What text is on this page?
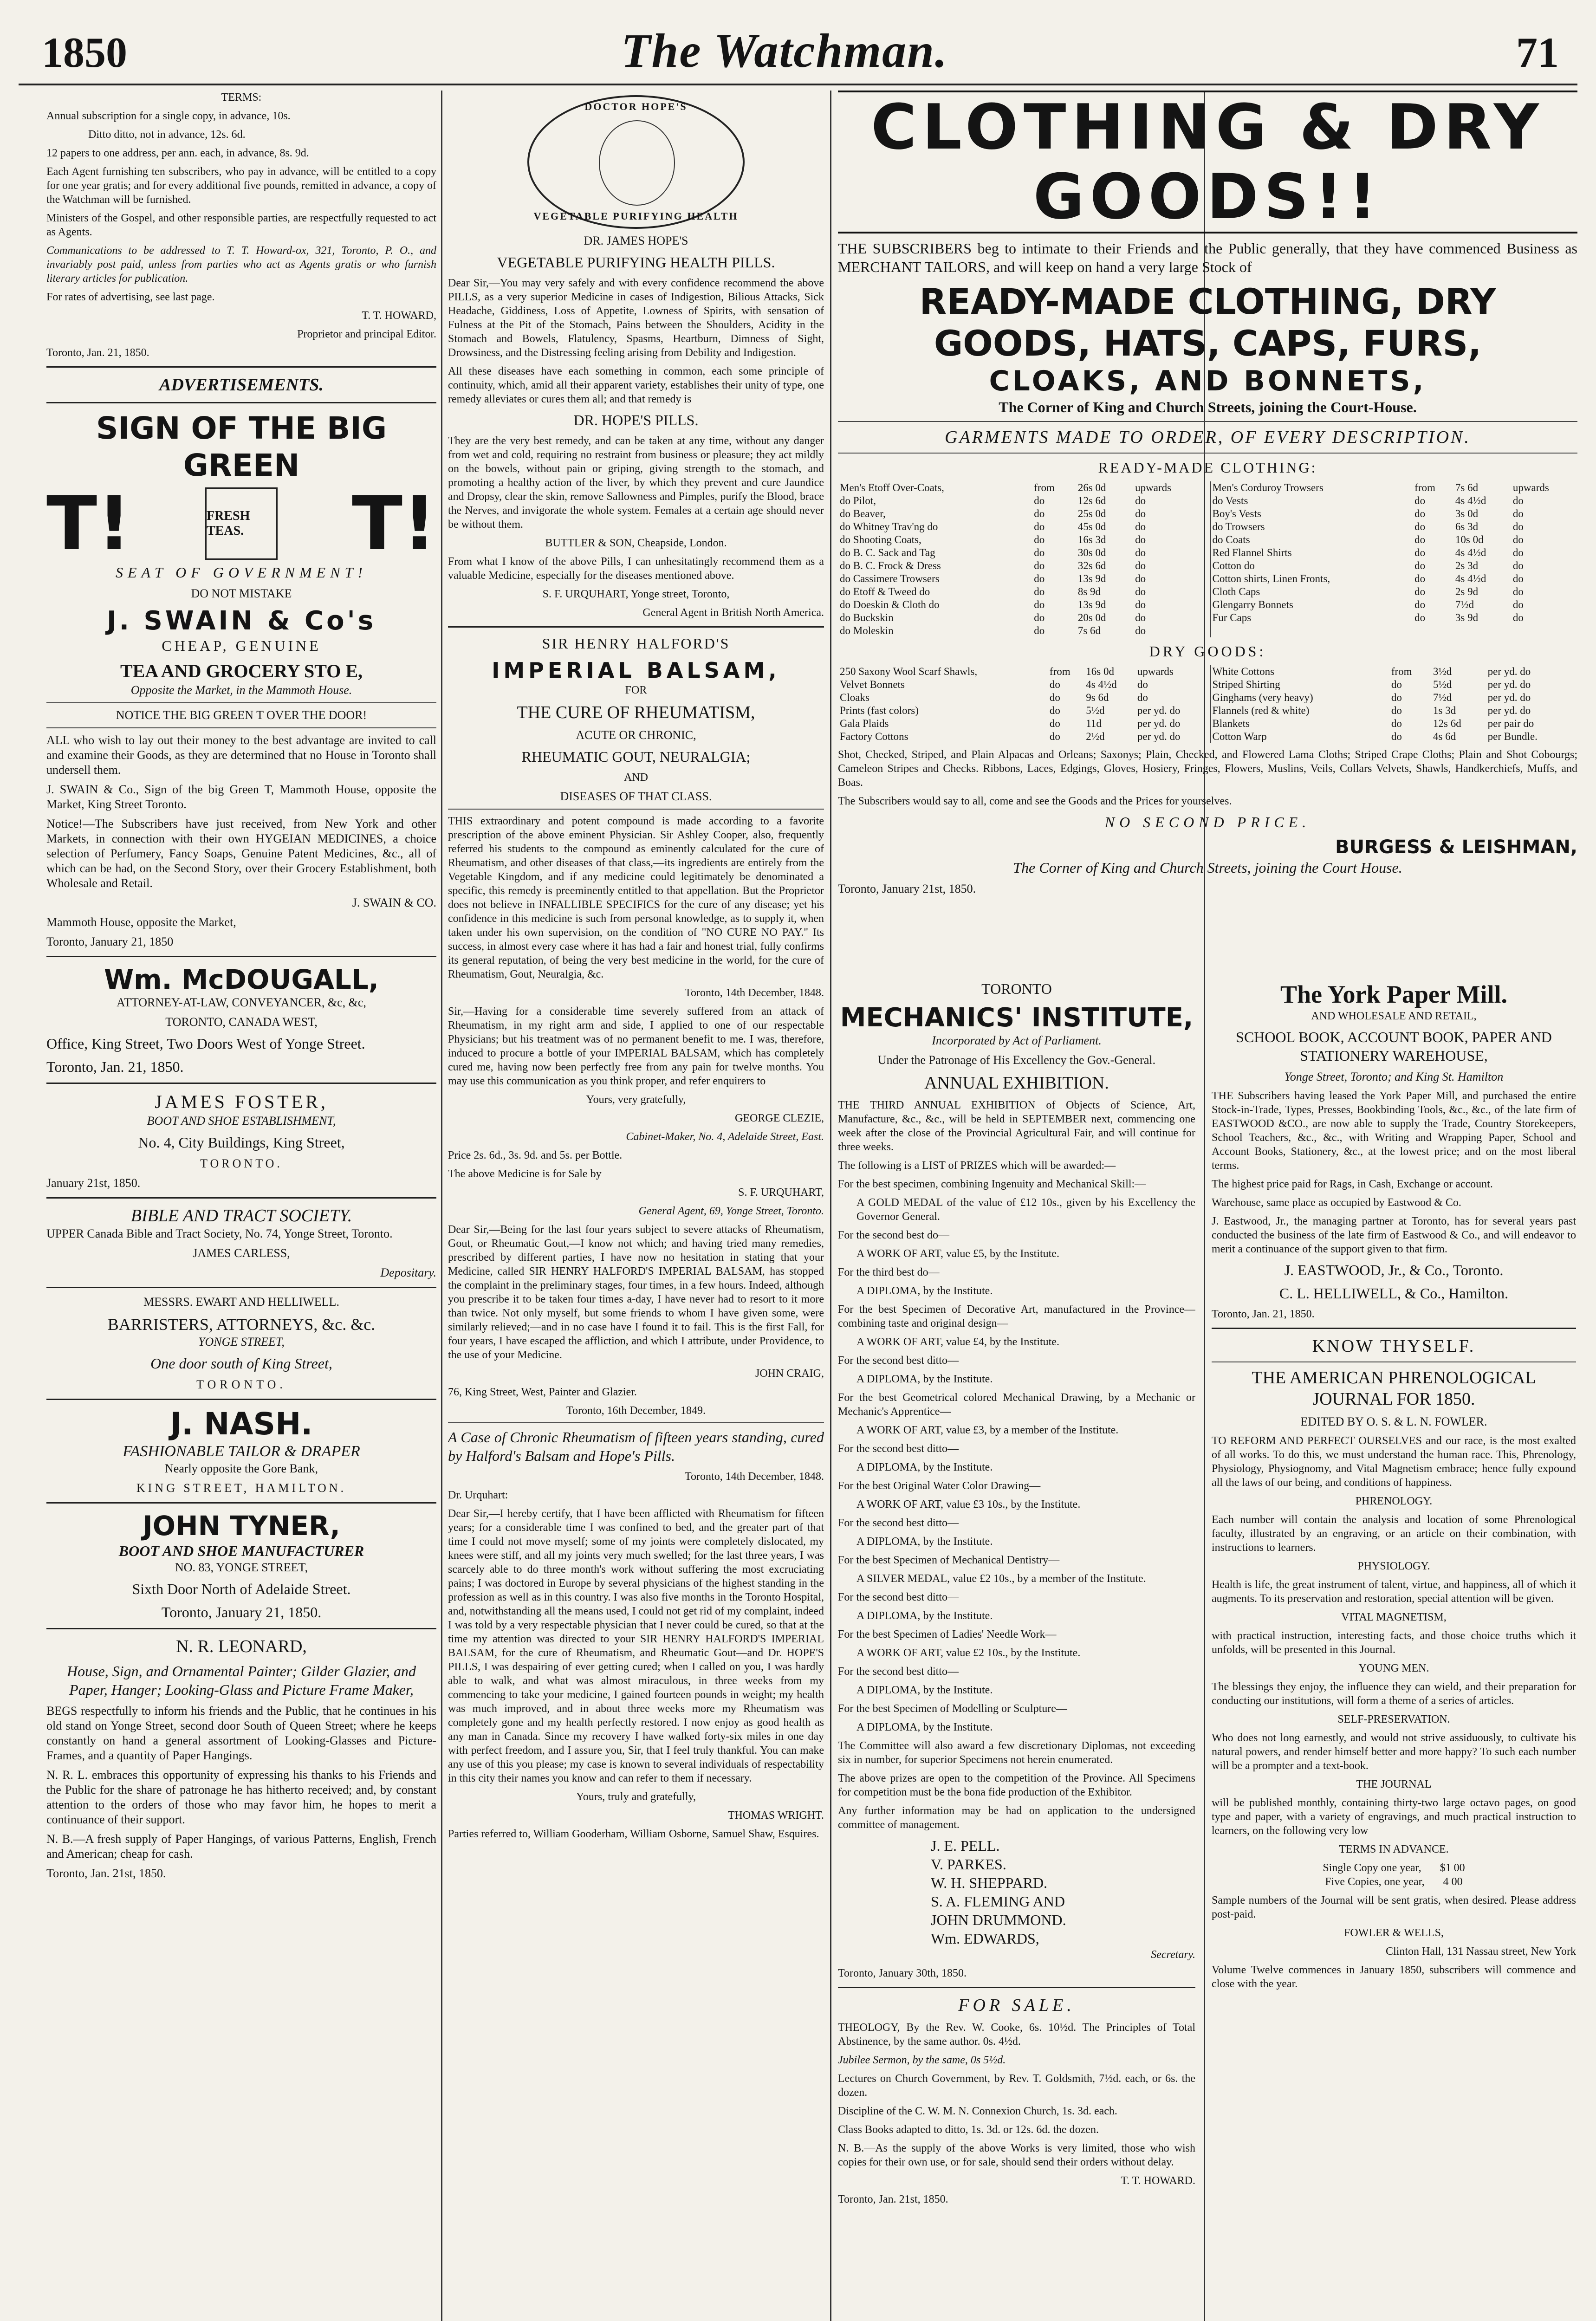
1850	The Watchman.	71

TERMS:

Annual subscription for a single copy, in advance, 10s.

Ditto ditto, not in advance, 12s. 6d.

12 papers to one address, per ann. each, in advance, 8s. 9d.

Each Agent furnishing ten subscribers, who pay in advance, will be entitled to a copy for one year gratis; and for every additional five pounds, remitted in advance, a copy of the Watchman will be furnished.

Ministers of the Gospel, and other responsible parties, are respectfully requested to act as Agents.

Communications to be addressed to T. T. Howard-ox, 321, Toronto, P. O., and invariably post paid, unless from parties who act as Agents gratis or who furnish literary articles for publication.

For rates of advertising, see last page.

T. T. HOWARD,

Proprietor and principal Editor.

Toronto, Jan. 21, 1850.

ADVERTISEMENTS.
SIGN OF THE BIG GREEN
T!	FRESH TEAS.	T!

SEAT OF GOVERNMENT!

DO NOT MISTAKE

J. SWAIN & Co's

CHEAP, GENUINE

TEA AND GROCERY STO E,

Opposite the Market, in the Mammoth House.

NOTICE THE BIG GREEN T OVER THE DOOR!

ALL who wish to lay out their money to the best advantage are invited to call and examine their Goods, as they are determined that no House in Toronto shall undersell them.

J. SWAIN & Co., Sign of the big Green T, Mammoth House, opposite the Market, King Street Toronto.

Notice!—The Subscribers have just received, from New York and other Markets, in connection with their own HYGEIAN MEDICINES, a choice selection of Perfumery, Fancy Soaps, Genuine Patent Medicines, &c., all of which can be had, on the Second Story, over their Grocery Establishment, both Wholesale and Retail.

J. SWAIN & CO.

Mammoth House, opposite the Market,

Toronto, January 21, 1850

Wm. McDOUGALL,

ATTORNEY-AT-LAW, CONVEYANCER, &c, &c,

TORONTO, CANADA WEST,

Office, King Street, Two Doors West of Yonge Street.

Toronto, Jan. 21, 1850.

JAMES FOSTER,

BOOT AND SHOE ESTABLISHMENT,

No. 4, City Buildings, King Street,

TORONTO.

January 21st, 1850.

BIBLE AND TRACT SOCIETY.

UPPER Canada Bible and Tract Society, No. 74, Yonge Street, Toronto.

JAMES CARLESS,

Depositary.

MESSRS. EWART AND HELLIWELL.

BARRISTERS, ATTORNEYS, &c. &c.

YONGE STREET,

One door south of King Street,

TORONTO.

J. NASH.
FASHIONABLE TAILOR & DRAPER

Nearly opposite the Gore Bank,

KING STREET, HAMILTON.

JOHN TYNER,
BOOT AND SHOE MANUFACTURER

NO. 83, YONGE STREET,

Sixth Door North of Adelaide Street.

Toronto, January 21, 1850.

N. R. LEONARD,

House, Sign, and Ornamental Painter; Gilder Glazier, and Paper, Hanger; Looking-Glass and Picture Frame Maker,

BEGS respectfully to inform his friends and the Public, that he continues in his old stand on Yonge Street, second door South of Queen Street; where he keeps constantly on hand a general assortment of Looking-Glasses and Picture-Frames, and a quantity of Paper Hangings.

N. R. L. embraces this opportunity of expressing his thanks to his Friends and the Public for the share of patronage he has hitherto received; and, by constant attention to the orders of those who may favor him, he hopes to merit a continuance of their support.

N. B.—A fresh supply of Paper Hangings, of various Patterns, English, French and American; cheap for cash.

Toronto, Jan. 21st, 1850.

DOCTOR HOPE'S
VEGETABLE PURIFYING HEALTH

DR. JAMES HOPE'S

VEGETABLE PURIFYING HEALTH PILLS.

Dear Sir,—You may very safely and with every confidence recommend the above PILLS, as a very superior Medicine in cases of Indigestion, Bilious Attacks, Sick Headache, Giddiness, Loss of Appetite, Lowness of Spirits, with sensation of Fulness at the Pit of the Stomach, Pains between the Shoulders, Acidity in the Stomach and Bowels, Flatulency, Spasms, Heartburn, Dimness of Sight, Drowsiness, and the Distressing feeling arising from Debility and Indigestion.

All these diseases have each something in common, each some principle of continuity, which, amid all their apparent variety, establishes their unity of type, one remedy alleviates or cures them all; and that remedy is

DR. HOPE'S PILLS.

They are the very best remedy, and can be taken at any time, without any danger from wet and cold, requiring no restraint from business or pleasure; they act mildly on the bowels, without pain or griping, giving strength to the stomach, and promoting a healthy action of the liver, by which they prevent and cure Jaundice and Dropsy, clear the skin, remove Sallowness and Pimples, purify the Blood, brace the Nerves, and invigorate the whole system. Females at a certain age should never be without them.

BUTTLER & SON, Cheapside, London.

From what I know of the above Pills, I can unhesitatingly recommend them as a valuable Medicine, especially for the diseases mentioned above.

S. F. URQUHART, Yonge street, Toronto,

General Agent in British North America.

SIR HENRY HALFORD'S

IMPERIAL BALSAM,

FOR

THE CURE OF RHEUMATISM,

ACUTE OR CHRONIC,

RHEUMATIC GOUT, NEURALGIA;

AND

DISEASES OF THAT CLASS.

THIS extraordinary and potent compound is made according to a favorite prescription of the above eminent Physician. Sir Ashley Cooper, also, frequently referred his students to the compound as eminently calculated for the cure of Rheumatism, and other diseases of that class,—its ingredients are entirely from the Vegetable Kingdom, and if any medicine could legitimately be denominated a specific, this remedy is preeminently entitled to that appellation. But the Proprietor does not believe in INFALLIBLE SPECIFICS for the cure of any disease; yet his confidence in this medicine is such from personal knowledge, as to supply it, when taken under his own supervision, on the condition of "NO CURE NO PAY." Its success, in almost every case where it has had a fair and honest trial, fully confirms its general reputation, of being the very best medicine in the world, for the cure of Rheumatism, Gout, Neuralgia, &c.

Toronto, 14th December, 1848.

Sir,—Having for a considerable time severely suffered from an attack of Rheumatism, in my right arm and side, I applied to one of our respectable Physicians; but his treatment was of no permanent benefit to me. I was, therefore, induced to procure a bottle of your IMPERIAL BALSAM, which has completely cured me, having now been perfectly free from any pain for twelve months. You may use this communication as you think proper, and refer enquirers to

Yours, very gratefully,

GEORGE CLEZIE,

Cabinet-Maker, No. 4, Adelaide Street, East.

Price 2s. 6d., 3s. 9d. and 5s. per Bottle.

The above Medicine is for Sale by

S. F. URQUHART,

General Agent, 69, Yonge Street, Toronto.

Dear Sir,—Being for the last four years subject to severe attacks of Rheumatism, Gout, or Rheumatic Gout,—I know not which; and having tried many remedies, prescribed by different parties, I have now no hesitation in stating that your Medicine, called SIR HENRY HALFORD'S IMPERIAL BALSAM, has stopped the complaint in the preliminary stages, four times, in a few hours. Indeed, although you prescribe it to be taken four times a-day, I have never had to resort to it more than twice. Not only myself, but some friends to whom I have given some, were similarly relieved;—and in no case have I found it to fail. This is the first Fall, for four years, I have escaped the affliction, and which I attribute, under Providence, to the use of your Medicine.

JOHN CRAIG,

76, King Street, West, Painter and Glazier.

Toronto, 16th December, 1849.

A Case of Chronic Rheumatism of fifteen years standing, cured by Halford's Balsam and Hope's Pills.

Toronto, 14th December, 1848.

Dr. Urquhart:

Dear Sir,—I hereby certify, that I have been afflicted with Rheumatism for fifteen years; for a considerable time I was confined to bed, and the greater part of that time I could not move myself; some of my joints were completely dislocated, my knees were stiff, and all my joints very much swelled; for the last three years, I was scarcely able to do three month's work without suffering the most excruciating pains; I was doctored in Europe by several physicians of the highest standing in the profession as well as in this country. I was also five months in the Toronto Hospital, and, notwithstanding all the means used, I could not get rid of my complaint, indeed I was told by a very respectable physician that I never could be cured, so that at the time my attention was directed to your SIR HENRY HALFORD'S IMPERIAL BALSAM, for the cure of Rheumatism, and Rheumatic Gout—and Dr. HOPE'S PILLS, I was despairing of ever getting cured; when I called on you, I was hardly able to walk, and what was almost miraculous, in three weeks from my commencing to take your medicine, I gained fourteen pounds in weight; my health was much improved, and in about three weeks more my Rheumatism was completely gone and my health perfectly restored. I now enjoy as good health as any man in Canada. Since my recovery I have walked forty-six miles in one day with perfect freedom, and I assure you, Sir, that I feel truly thankful. You can make any use of this you please; my case is known to several individuals of respectability in this city their names you know and can refer to them if necessary.

Yours, truly and gratefully,

THOMAS WRIGHT.

Parties referred to, William Gooderham, William Osborne, Samuel Shaw, Esquires.

CLOTHING & DRY GOODS!!

THE SUBSCRIBERS beg to intimate to their Friends and the Public generally, that they have commenced Business as MERCHANT TAILORS, and will keep on hand a very large Stock of

READY-MADE CLOTHING, DRY GOODS, HATS, CAPS, FURS,
CLOAKS, AND BONNETS,

The Corner of King and Church Streets, joining the Court-House.

GARMENTS MADE TO ORDER, OF EVERY DESCRIPTION.

READY-MADE CLOTHING:

Men's Etoff Over-Coats,	from	26s 0d	upwards
do Pilot,	do	12s 6d	do
do Beaver,	do	25s 0d	do
do Whitney Trav'ng do	do	45s 0d	do
do Shooting Coats,	do	16s 3d	do
do B. C. Sack and Tag	do	30s 0d	do
do B. C. Frock & Dress	do	32s 6d	do
do Cassimere Trowsers	do	13s 9d	do
do Etoff & Tweed do	do	8s 9d	do
do Doeskin & Cloth do	do	13s 9d	do
do Buckskin	do	20s 0d	do
do Moleskin	do	7s 6d	do
Men's Corduroy Trowsers	from	7s 6d	upwards
do Vests	do	4s 4½d	do
Boy's Vests	do	3s 0d	do
do Trowsers	do	6s 3d	do
do Coats	do	10s 0d	do
Red Flannel Shirts	do	4s 4½d	do
Cotton do	do	2s 3d	do
Cotton shirts, Linen Fronts,	do	4s 4½d	do
Cloth Caps	do	2s 9d	do
Glengarry Bonnets	do	7½d	do
Fur Caps	do	3s 9d	do

DRY GOODS:

250 Saxony Wool Scarf Shawls,	from	16s 0d	upwards
Velvet Bonnets	do	4s 4½d	do
Cloaks	do	9s 6d	do
Prints (fast colors)	do	5½d	per yd. do
Gala Plaids	do	11d	per yd. do
Factory Cottons	do	2½d	per yd. do
White Cottons	from	3½d	per yd. do
Striped Shirting	do	5½d	per yd. do
Ginghams (very heavy)	do	7½d	per yd. do
Flannels (red & white)	do	1s 3d	per yd. do
Blankets	do	12s 6d	per pair do
Cotton Warp	do	4s 6d	per Bundle.

Shot, Checked, Striped, and Plain Alpacas and Orleans; Saxonys; Plain, Checked, and Flowered Lama Cloths; Striped Crape Cloths; Plain and Shot Cobourgs; Cameleon Stripes and Checks. Ribbons, Laces, Edgings, Gloves, Hosiery, Fringes, Flowers, Muslins, Veils, Collars Velvets, Shawls, Handkerchiefs, Muffs, and Boas.

The Subscribers would say to all, come and see the Goods and the Prices for yourselves.

NO SECOND PRICE.

BURGESS & LEISHMAN,

The Corner of King and Church Streets, joining the Court House.

Toronto, January 21st, 1850.

TORONTO

MECHANICS' INSTITUTE,

Incorporated by Act of Parliament.

Under the Patronage of His Excellency the Gov.-General.

ANNUAL EXHIBITION.

THE THIRD ANNUAL EXHIBITION of Objects of Science, Art, Manufacture, &c., &c., will be held in SEPTEMBER next, commencing one week after the close of the Provincial Agricultural Fair, and will continue for three weeks.

The following is a LIST of PRIZES which will be awarded:—

For the best specimen, combining Ingenuity and Mechanical Skill:—

A GOLD MEDAL of the value of £12 10s., given by his Excellency the Governor General.

For the second best do—

A WORK OF ART, value £5, by the Institute.

For the third best do—

A DIPLOMA, by the Institute.

For the best Specimen of Decorative Art, manufactured in the Province—combining taste and original design—

A WORK OF ART, value £4, by the Institute.

For the second best ditto—

A DIPLOMA, by the Institute.

For the best Geometrical colored Mechanical Drawing, by a Mechanic or Mechanic's Apprentice—

A WORK OF ART, value £3, by a member of the Institute.

For the second best ditto—

A DIPLOMA, by the Institute.

For the best Original Water Color Drawing—

A WORK OF ART, value £3 10s., by the Institute.

For the second best ditto—

A DIPLOMA, by the Institute.

For the best Specimen of Mechanical Dentistry—

A SILVER MEDAL, value £2 10s., by a member of the Institute.

For the second best ditto—

A DIPLOMA, by the Institute.

For the best Specimen of Ladies' Needle Work—

A WORK OF ART, value £2 10s., by the Institute.

For the second best ditto—

A DIPLOMA, by the Institute.

For the best Specimen of Modelling or Sculpture—

A DIPLOMA, by the Institute.

The Committee will also award a few discretionary Diplomas, not exceeding six in number, for superior Specimens not herein enumerated.

The above prizes are open to the competition of the Province. All Specimens for competition must be the bona fide production of the Exhibitor.

Any further information may be had on application to the undersigned committee of management.

J. E. PELL.

V. PARKES.

W. H. SHEPPARD.

S. A. FLEMING AND

JOHN DRUMMOND.

Wm. EDWARDS,

Secretary.

Toronto, January 30th, 1850.

FOR SALE.

THEOLOGY, By the Rev. W. Cooke, 6s. 10½d. The Principles of Total Abstinence, by the same author. 0s. 4½d.

Jubilee Sermon, by the same, 0s 5½d.

Lectures on Church Government, by Rev. T. Goldsmith, 7½d. each, or 6s. the dozen.

Discipline of the C. W. M. N. Connexion Church, 1s. 3d. each.

Class Books adapted to ditto, 1s. 3d. or 12s. 6d. the dozen.

N. B.—As the supply of the above Works is very limited, those who wish copies for their own use, or for sale, should send their orders without delay.

T. T. HOWARD.

Toronto, Jan. 21st, 1850.

The York Paper Mill.

AND WHOLESALE AND RETAIL,

SCHOOL BOOK, ACCOUNT BOOK, PAPER AND STATIONERY WAREHOUSE,

Yonge Street, Toronto; and King St. Hamilton

THE Subscribers having leased the York Paper Mill, and purchased the entire Stock-in-Trade, Types, Presses, Bookbinding Tools, &c., &c., of the late firm of EASTWOOD &CO., are now able to supply the Trade, Country Storekeepers, School Teachers, &c., &c., with Writing and Wrapping Paper, School and Account Books, Stationery, &c., at the lowest price; and on the most liberal terms.

The highest price paid for Rags, in Cash, Exchange or account.

Warehouse, same place as occupied by Eastwood & Co.

J. Eastwood, Jr., the managing partner at Toronto, has for several years past conducted the business of the late firm of Eastwood & Co., and will endeavor to merit a continuance of the support given to that firm.

J. EASTWOOD, Jr., & Co., Toronto.

C. L. HELLIWELL, & Co., Hamilton.

Toronto, Jan. 21, 1850.

KNOW THYSELF.

THE AMERICAN PHRENOLOGICAL JOURNAL FOR 1850.

EDITED BY O. S. & L. N. FOWLER.

TO REFORM AND PERFECT OURSELVES and our race, is the most exalted of all works. To do this, we must understand the human race. This, Phrenology, Physiology, Physiognomy, and Vital Magnetism embrace; hence fully expound all the laws of our being, and conditions of happiness.

PHRENOLOGY.

Each number will contain the analysis and location of some Phrenological faculty, illustrated by an engraving, or an article on their combination, with instructions to learners.

PHYSIOLOGY.

Health is life, the great instrument of talent, virtue, and happiness, all of which it augments. To its preservation and restoration, special attention will be given.

VITAL MAGNETISM,

with practical instruction, interesting facts, and those choice truths which it unfolds, will be presented in this Journal.

YOUNG MEN.

The blessings they enjoy, the influence they can wield, and their preparation for conducting our institutions, will form a theme of a series of articles.

SELF-PRESERVATION.

Who does not long earnestly, and would not strive assiduously, to cultivate his natural powers, and render himself better and more happy? To such each number will be a prompter and a text-book.

THE JOURNAL

will be published monthly, containing thirty-two large octavo pages, on good type and paper, with a variety of engravings, and much practical instruction to learners, on the following very low

TERMS IN ADVANCE.

Single Copy one year, $1 00
Five Copies, one year, 4 00

Sample numbers of the Journal will be sent gratis, when desired. Please address post-paid.

FOWLER & WELLS,

Clinton Hall, 131 Nassau street, New York

Volume Twelve commences in January 1850, subscribers will commence and close with the year.
